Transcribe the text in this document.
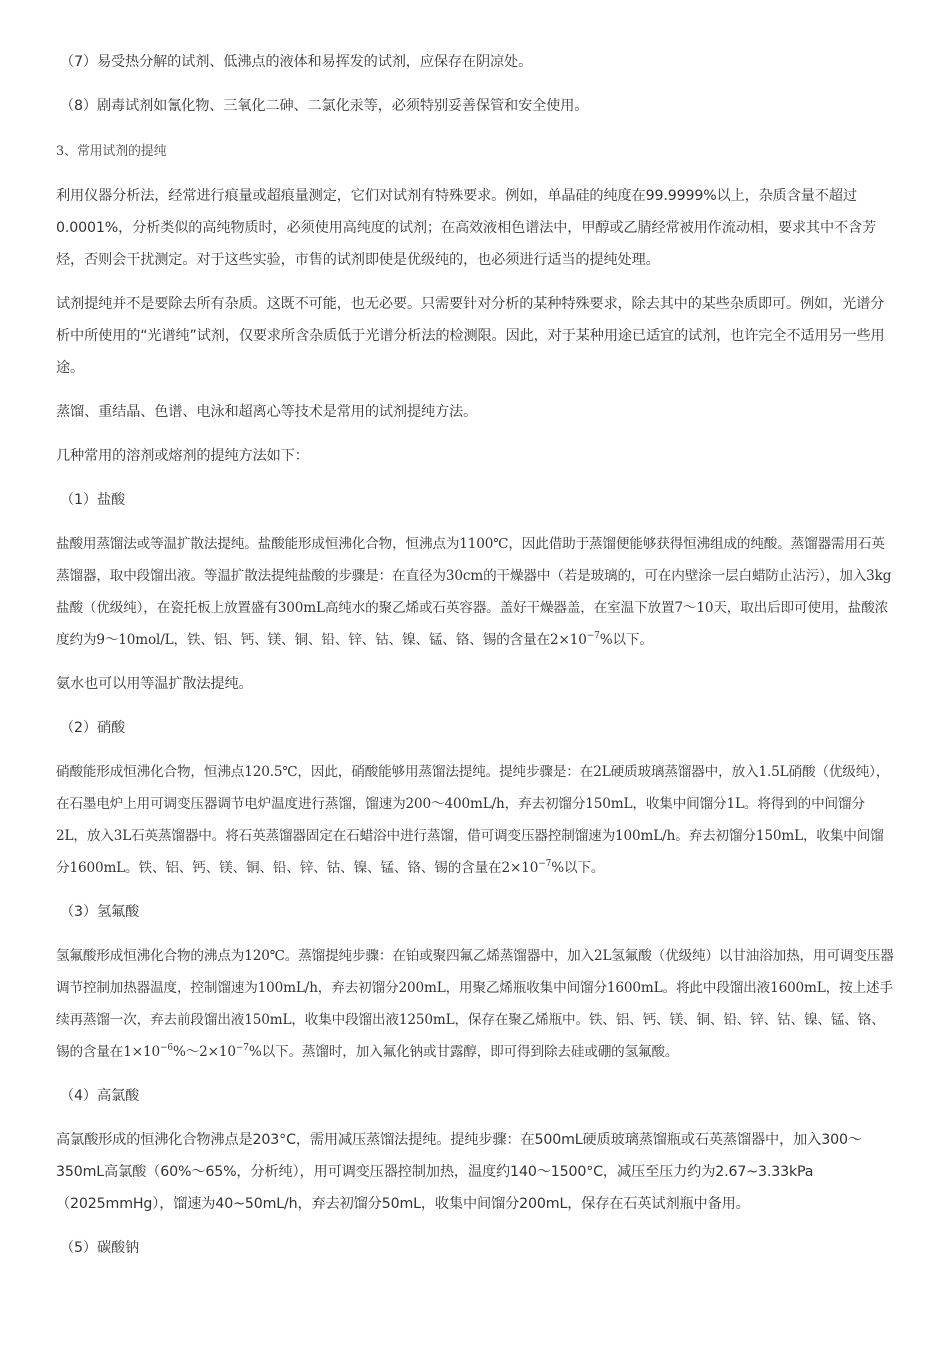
（7）易受热分解的试剂、低沸点的液体和易挥发的试剂，应保存在阴凉处。

（8）剧毒试剂如氰化物、三氧化二砷、二氯化汞等，必须特别妥善保管和安全使用。

3、常用试剂的提纯

利用仪器分析法，经常进行痕量或超痕量测定，它们对试剂有特殊要求。例如，单晶硅的纯度在99.9999%以上，杂质含量不超过0.0001%，分析类似的高纯物质时，必须使用高纯度的试剂；在高效液相色谱法中，甲醇或乙腈经常被用作流动相，要求其中不含芳烃，否则会干扰测定。对于这些实验，市售的试剂即使是优级纯的，也必须进行适当的提纯处理。

试剂提纯并不是要除去所有杂质。这既不可能，也无必要。只需要针对分析的某种特殊要求，除去其中的某些杂质即可。例如，光谱分析中所使用的“光谱纯”试剂，仅要求所含杂质低于光谱分析法的检测限。因此，对于某种用途已适宜的试剂，也许完全不适用另一些用途。

蒸馏、重结晶、色谱、电泳和超离心等技术是常用的试剂提纯方法。

几种常用的溶剂或熔剂的提纯方法如下：

（1）盐酸

盐酸用蒸馏法或等温扩散法提纯。盐酸能形成恒沸化合物，恒沸点为1100℃，因此借助于蒸馏便能够获得恒沸组成的纯酸。蒸馏器需用石英蒸馏器，取中段馏出液。等温扩散法提纯盐酸的步骤是：在直径为30cm的干燥器中（若是玻璃的，可在内壁涂一层白蜡防止沾污），加入3kg盐酸（优级纯），在瓷托板上放置盛有300mL高纯水的聚乙烯或石英容器。盖好干燥器盖，在室温下放置7～10天，取出后即可使用，盐酸浓度约为9～10mol/L，铁、铝、钙、镁、铜、铅、锌、钴、镍、锰、铬、锡的含量在$2\times 10^{-7}\%$以下。

氨水也可以用等温扩散法提纯。

（2）硝酸

硝酸能形成恒沸化合物，恒沸点120.5℃，因此，硝酸能够用蒸馏法提纯。提纯步骤是：在2L硬质玻璃蒸馏器中，放入1.5L硝酸（优级纯），在石墨电炉上用可调变压器调节电炉温度进行蒸馏，馏速为200～400mL/h，弃去初馏分150mL，收集中间馏分1L。将得到的中间馏分2L，放入3L石英蒸馏器中。将石英蒸馏器固定在石蜡浴中进行蒸馏，借可调变压器控制馏速为100mL/h。弃去初馏分150mL，收集中间馏分1600mL。铁、铝、钙、镁、铜、铅、锌、钴、镍、锰、铬、锡的含量在$2\times 10^{-7}\%$以下。

（3）氢氟酸

氢氟酸形成恒沸化合物的沸点为120℃。蒸馏提纯步骤：在铂或聚四氟乙烯蒸馏器中，加入2L氢氟酸（优级纯）以甘油浴加热，用可调变压器调节控制加热器温度，控制馏速为100mL/h，弃去初馏分200mL，用聚乙烯瓶收集中间馏分1600mL。将此中段馏出液1600mL，按上述手续再蒸馏一次，弃去前段馏出液150mL，收集中段馏出液1250mL，保存在聚乙烯瓶中。铁、铝、钙、镁、铜、铅、锌、钴、镍、锰、铬、锡的含量在$1\times 10^{-6}\%\sim 2\times 10^{-7}\%$以下。蒸馏时，加入氟化钠或甘露醇，即可得到除去硅或硼的氢氟酸。

（4）高氯酸

高氯酸形成的恒沸化合物沸点是203°C，需用减压蒸馏法提纯。提纯步骤：在500mL硬质玻璃蒸馏瓶或石英蒸馏器中，加入300～350mL高氯酸（60%～65%，分析纯），用可调变压器控制加热，温度约140～1500°C，减压至压力约为2.67~3.33kPa（2025mmHg），馏速为40~50mL/h，弃去初馏分50mL，收集中间馏分200mL，保存在石英试剂瓶中备用。

（5）碳酸钠
